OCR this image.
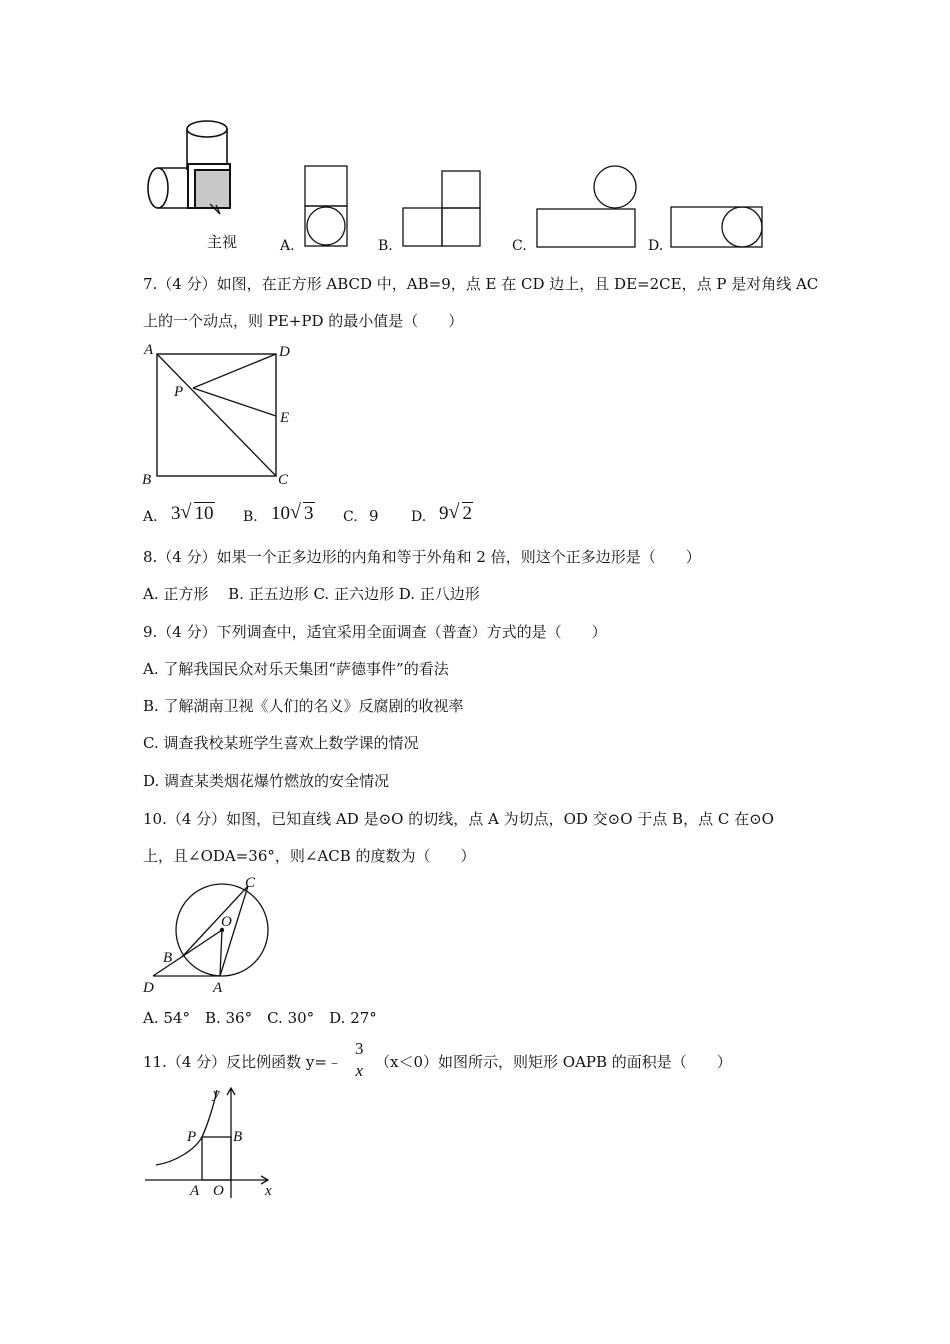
主视	A.	B.	C.	D.
7.（4 分）如图，在正方形 ABCD 中，AB=9，点 E 在 CD 边上，且 DE=2CE，点 P 是对角线 AC
上的一个动点，则 PE+PD 的最小值是（　　）
A	D
P
E
B	C
A. 3 √ 10 B. 10 √ 3 C. 9 D. 9 √ 2
8.（4 分）如果一个正多边形的内角和等于外角和 2 倍，则这个正多边形是（　　）
A. 正方形　 B. 正五边形 C. 正六边形 D. 正八边形
9.（4 分）下列调查中，适宜采用全面调查（普查）方式的是（　　）
A. 了解我国民众对乐天集团“萨德事件”的看法
B. 了解湖南卫视《人们的名义》反腐剧的收视率
C. 调查我校某班学生喜欢上数学课的情况
D. 调查某类烟花爆竹燃放的安全情况
10.（4 分）如图，已知直线 AD 是⊙O 的切线，点 A 为切点，OD 交⊙O 于点 B，点 C 在⊙O
上，且∠ODA=36°，则∠ACB 的度数为（　　）
C
O
B
D	A
A. 54°　B. 36°　C. 30°　D. 27°
11.（4 分）反比例函数 y=﹣
3
x （x＜0）如图所示，则矩形 OAPB 的面积是（　　）
y
P B
A O	x
